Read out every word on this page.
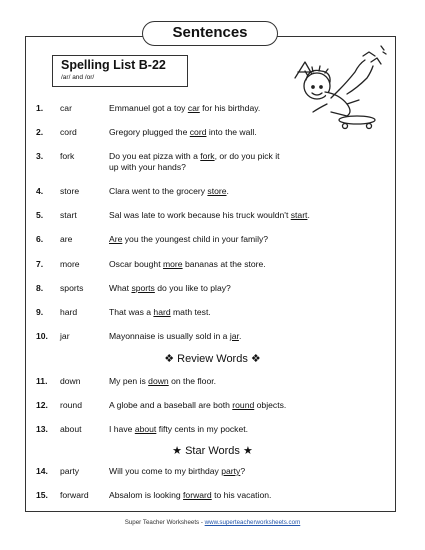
Sentences
Spelling List B-22
/ar/ and /or/
1. car	Emmanuel got a toy car for his birthday.
2. cord	Gregory plugged the cord into the wall.
3. fork	Do you eat pizza with a fork, or do you pick it
up with your hands?
4. store	Clara went to the grocery store.
5. start	Sal was late to work because his truck wouldn't start.
6. are	Are you the youngest child in your family?
7. more	Oscar bought more bananas at the store.
8. sports	What sports do you like to play?
9. hard	That was a hard math test.
10. jar	Mayonnaise is usually sold in a jar.
❖ Review Words ❖
11. down	My pen is down on the floor.
12. round	A globe and a baseball are both round objects.
13. about	I have about fifty cents in my pocket.
★ Star Words ★
14. party	Will you come to my birthday party?
15. forward Absalom is looking forward to his vacation.
Super Teacher Worksheets - www.superteacherworksheets.com
